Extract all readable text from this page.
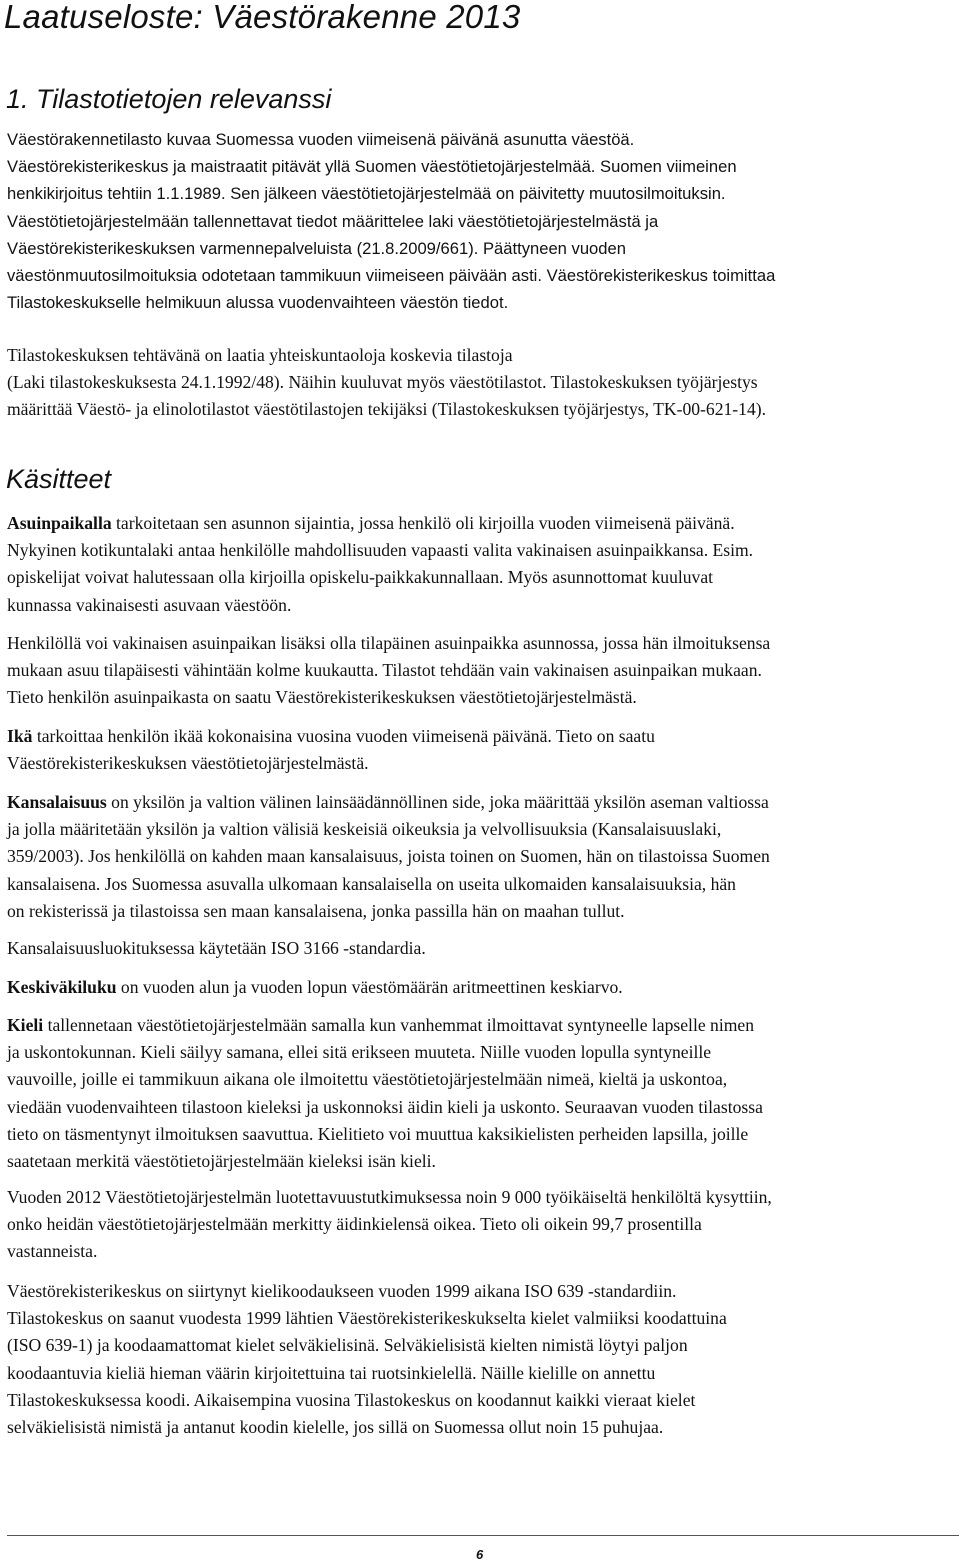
Laatuseloste: Väestörakenne 2013
1. Tilastotietojen relevanssi

Väestörakennetilasto kuvaa Suomessa vuoden viimeisenä päivänä asunutta väestöä.
Väestörekisterikeskus ja maistraatit pitävät yllä Suomen väestötietojärjestelmää. Suomen viimeinen
henkikirjoitus tehtiin 1.1.1989. Sen jälkeen väestötietojärjestelmää on päivitetty muutosilmoituksin.
Väestötietojärjestelmään tallennettavat tiedot määrittelee laki väestötietojärjestelmästä ja
Väestörekisterikeskuksen varmennepalveluista (21.8.2009/661). Päättyneen vuoden
väestönmuutosilmoituksia odotetaan tammikuun viimeiseen päivään asti. Väestörekisterikeskus toimittaa
Tilastokeskukselle helmikuun alussa vuodenvaihteen väestön tiedot.

Tilastokeskuksen tehtävänä on laatia yhteiskuntaoloja koskevia tilastoja
(Laki tilastokeskuksesta 24.1.1992/48). Näihin kuuluvat myös väestötilastot. Tilastokeskuksen työjärjestys
määrittää Väestö- ja elinolotilastot väestötilastojen tekijäksi (Tilastokeskuksen työjärjestys, TK-00-621-14).

Käsitteet

Asuinpaikalla tarkoitetaan sen asunnon sijaintia, jossa henkilö oli kirjoilla vuoden viimeisenä päivänä.
Nykyinen kotikuntalaki antaa henkilölle mahdollisuuden vapaasti valita vakinaisen asuinpaikkansa. Esim.
opiskelijat voivat halutessaan olla kirjoilla opiskelu-paikkakunnallaan. Myös asunnottomat kuuluvat
kunnassa vakinaisesti asuvaan väestöön.

Henkilöllä voi vakinaisen asuinpaikan lisäksi olla tilapäinen asuinpaikka asunnossa, jossa hän ilmoituksensa
mukaan asuu tilapäisesti vähintään kolme kuukautta. Tilastot tehdään vain vakinaisen asuinpaikan mukaan.
Tieto henkilön asuinpaikasta on saatu Väestörekisterikeskuksen väestötietojärjestelmästä.

Ikä tarkoittaa henkilön ikää kokonaisina vuosina vuoden viimeisenä päivänä. Tieto on saatu
Väestörekisterikeskuksen väestötietojärjestelmästä.

Kansalaisuus on yksilön ja valtion välinen lainsäädännöllinen side, joka määrittää yksilön aseman valtiossa
ja jolla määritetään yksilön ja valtion välisiä keskeisiä oikeuksia ja velvollisuuksia (Kansalaisuuslaki,
359/2003). Jos henkilöllä on kahden maan kansalaisuus, joista toinen on Suomen, hän on tilastoissa Suomen
kansalaisena. Jos Suomessa asuvalla ulkomaan kansalaisella on useita ulkomaiden kansalaisuuksia, hän
on rekisterissä ja tilastoissa sen maan kansalaisena, jonka passilla hän on maahan tullut.

Kansalaisuusluokituksessa käytetään ISO 3166 -standardia.

Keskiväkiluku on vuoden alun ja vuoden lopun väestömäärän aritmeettinen keskiarvo.

Kieli tallennetaan väestötietojärjestelmään samalla kun vanhemmat ilmoittavat syntyneelle lapselle nimen
ja uskontokunnan. Kieli säilyy samana, ellei sitä erikseen muuteta. Niille vuoden lopulla syntyneille
vauvoille, joille ei tammikuun aikana ole ilmoitettu väestötietojärjestelmään nimeä, kieltä ja uskontoa,
viedään vuodenvaihteen tilastoon kieleksi ja uskonnoksi äidin kieli ja uskonto. Seuraavan vuoden tilastossa
tieto on täsmentynyt ilmoituksen saavuttua. Kielitieto voi muuttua kaksikielisten perheiden lapsilla, joille
saatetaan merkitä väestötietojärjestelmään kieleksi isän kieli.

Vuoden 2012 Väestötietojärjestelmän luotettavuustutkimuksessa noin 9 000 työikäiseltä henkilöltä kysyttiin,
onko heidän väestötietojärjestelmään merkitty äidinkielensä oikea. Tieto oli oikein 99,7 prosentilla
vastanneista.

Väestörekisterikeskus on siirtynyt kielikoodaukseen vuoden 1999 aikana ISO 639 -standardiin.
Tilastokeskus on saanut vuodesta 1999 lähtien Väestörekisterikeskukselta kielet valmiiksi koodattuina
(ISO 639-1) ja koodaamattomat kielet selväkielisinä. Selväkielisistä kielten nimistä löytyi paljon
koodaantuvia kieliä hieman väärin kirjoitettuina tai ruotsinkielellä. Näille kielille on annettu
Tilastokeskuksessa koodi. Aikaisempina vuosina Tilastokeskus on koodannut kaikki vieraat kielet
selväkielisistä nimistä ja antanut koodin kielelle, jos sillä on Suomessa ollut noin 15 puhujaa.

6
